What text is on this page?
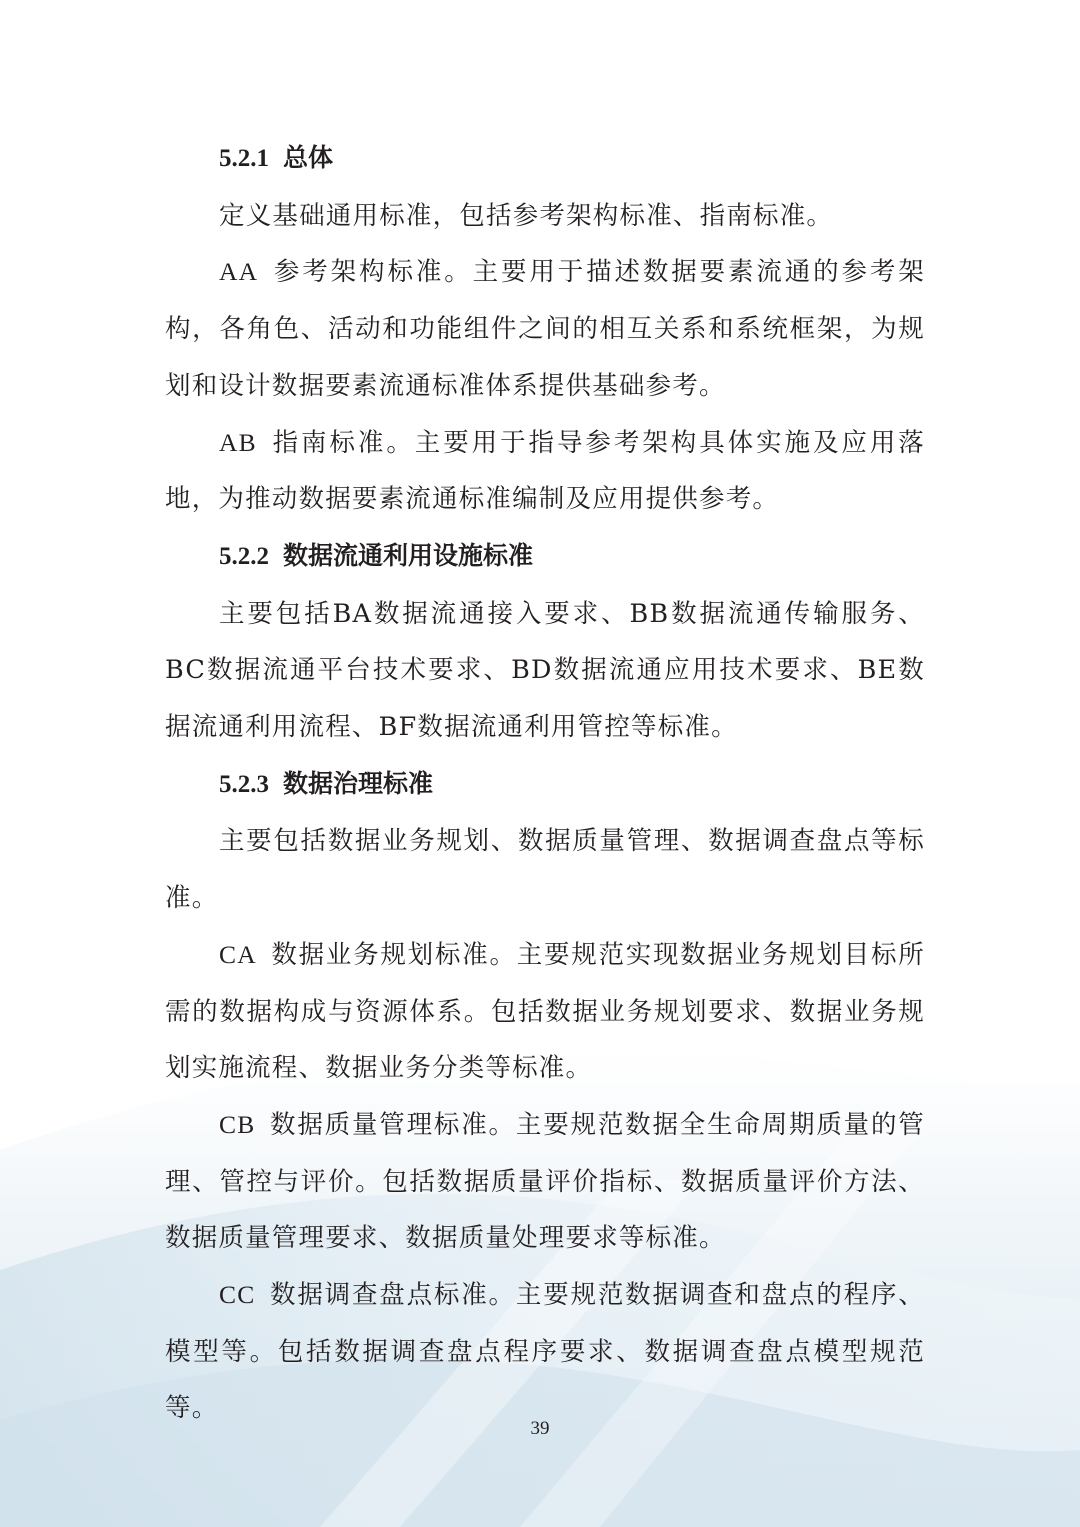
5.2.1 总体

定义基础通用标准，包括参考架构标准、指南标准。

AA 参考架构标准。主要用于描述数据要素流通的参考架构，各角色、活动和功能组件之间的相互关系和系统框架，为规划和设计数据要素流通标准体系提供基础参考。

AB 指南标准。主要用于指导参考架构具体实施及应用落地，为推动数据要素流通标准编制及应用提供参考。

5.2.2 数据流通利用设施标准

主要包括BA数据流通接入要求、BB数据流通传输服务、BC数据流通平台技术要求、BD数据流通应用技术要求、BE数据流通利用流程、BF数据流通利用管控等标准。

5.2.3 数据治理标准

主要包括数据业务规划、数据质量管理、数据调查盘点等标准。

CA 数据业务规划标准。主要规范实现数据业务规划目标所需的数据构成与资源体系。包括数据业务规划要求、数据业务规划实施流程、数据业务分类等标准。

CB 数据质量管理标准。主要规范数据全生命周期质量的管理、管控与评价。包括数据质量评价指标、数据质量评价方法、数据质量管理要求、数据质量处理要求等标准。

CC 数据调查盘点标准。主要规范数据调查和盘点的程序、模型等。包括数据调查盘点程序要求、数据调查盘点模型规范等。

39
